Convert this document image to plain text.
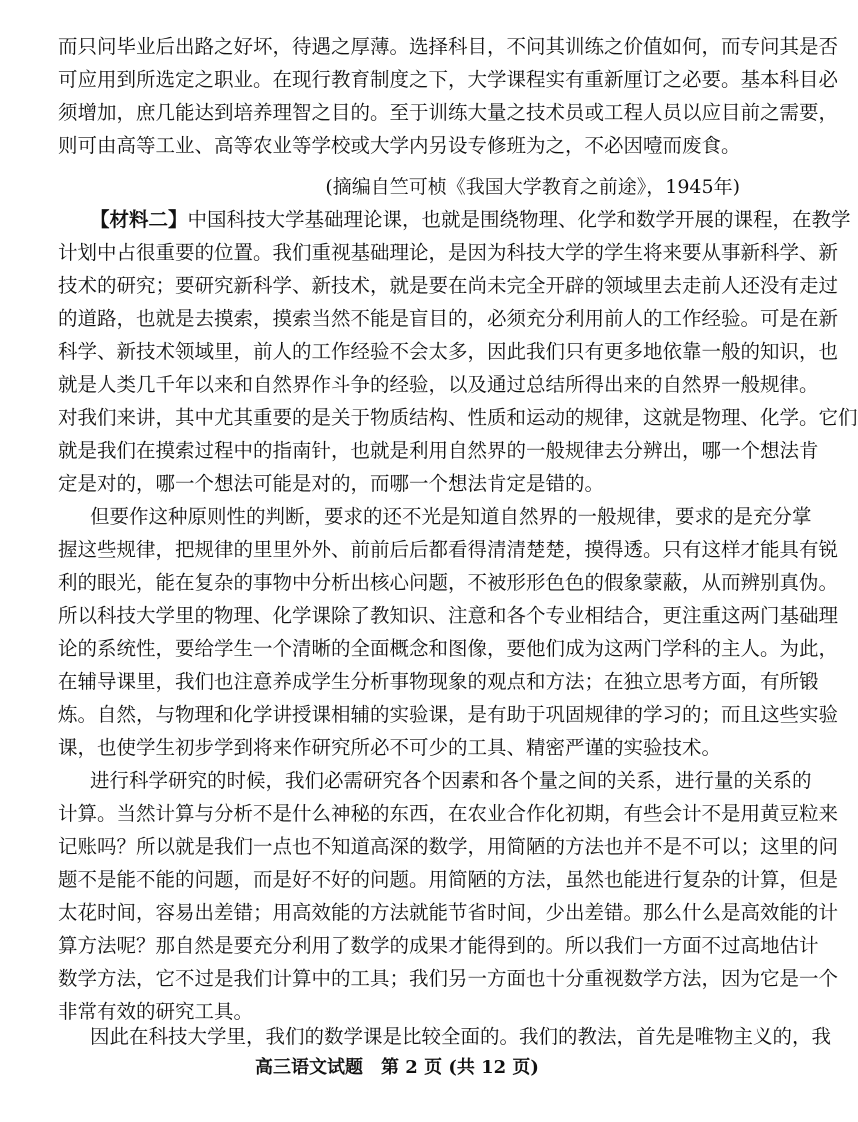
而只问毕业后出路之好坏，待遇之厚薄。选择科目，不问其训练之价值如何，而专问其是否
可应用到所选定之职业。在现行教育制度之下，大学课程实有重新厘订之必要。基本科目必
须增加，庶几能达到培养理智之目的。至于训练大量之技术员或工程人员以应目前之需要，
则可由高等工业、高等农业等学校或大学内另设专修班为之，不必因噎而废食。
(摘编自竺可桢《我国大学教育之前途》，1945年)
【材料二】中国科技大学基础理论课，也就是围绕物理、化学和数学开展的课程，在教学
计划中占很重要的位置。我们重视基础理论，是因为科技大学的学生将来要从事新科学、新
技术的研究；要研究新科学、新技术，就是要在尚未完全开辟的领域里去走前人还没有走过
的道路，也就是去摸索，摸索当然不能是盲目的，必须充分利用前人的工作经验。可是在新
科学、新技术领域里，前人的工作经验不会太多，因此我们只有更多地依靠一般的知识，也
就是人类几千年以来和自然界作斗争的经验，以及通过总结所得出来的自然界一般规律。
对我们来讲，其中尤其重要的是关于物质结构、性质和运动的规律，这就是物理、化学。它们
就是我们在摸索过程中的指南针，也就是利用自然界的一般规律去分辨出，哪一个想法肯
定是对的，哪一个想法可能是对的，而哪一个想法肯定是错的。
但要作这种原则性的判断，要求的还不光是知道自然界的一般规律，要求的是充分掌
握这些规律，把规律的里里外外、前前后后都看得清清楚楚，摸得透。只有这样才能具有锐
利的眼光，能在复杂的事物中分析出核心问题，不被形形色色的假象蒙蔽，从而辨别真伪。
所以科技大学里的物理、化学课除了教知识、注意和各个专业相结合，更注重这两门基础理
论的系统性，要给学生一个清晰的全面概念和图像，要他们成为这两门学科的主人。为此，
在辅导课里，我们也注意养成学生分析事物现象的观点和方法；在独立思考方面，有所锻
炼。自然，与物理和化学讲授课相辅的实验课，是有助于巩固规律的学习的；而且这些实验
课，也使学生初步学到将来作研究所必不可少的工具、精密严谨的实验技术。
进行科学研究的时候，我们必需研究各个因素和各个量之间的关系，进行量的关系的
计算。当然计算与分析不是什么神秘的东西，在农业合作化初期，有些会计不是用黄豆粒来
记账吗？所以就是我们一点也不知道高深的数学，用简陋的方法也并不是不可以；这里的问
题不是能不能的问题，而是好不好的问题。用简陋的方法，虽然也能进行复杂的计算，但是
太花时间，容易出差错；用高效能的方法就能节省时间，少出差错。那么什么是高效能的计
算方法呢？那自然是要充分利用了数学的成果才能得到的。所以我们一方面不过高地估计
数学方法，它不过是我们计算中的工具；我们另一方面也十分重视数学方法，因为它是一个
非常有效的研究工具。
因此在科技大学里，我们的数学课是比较全面的。我们的教法，首先是唯物主义的，我
高三语文试题　第 2 页 (共 12 页)
